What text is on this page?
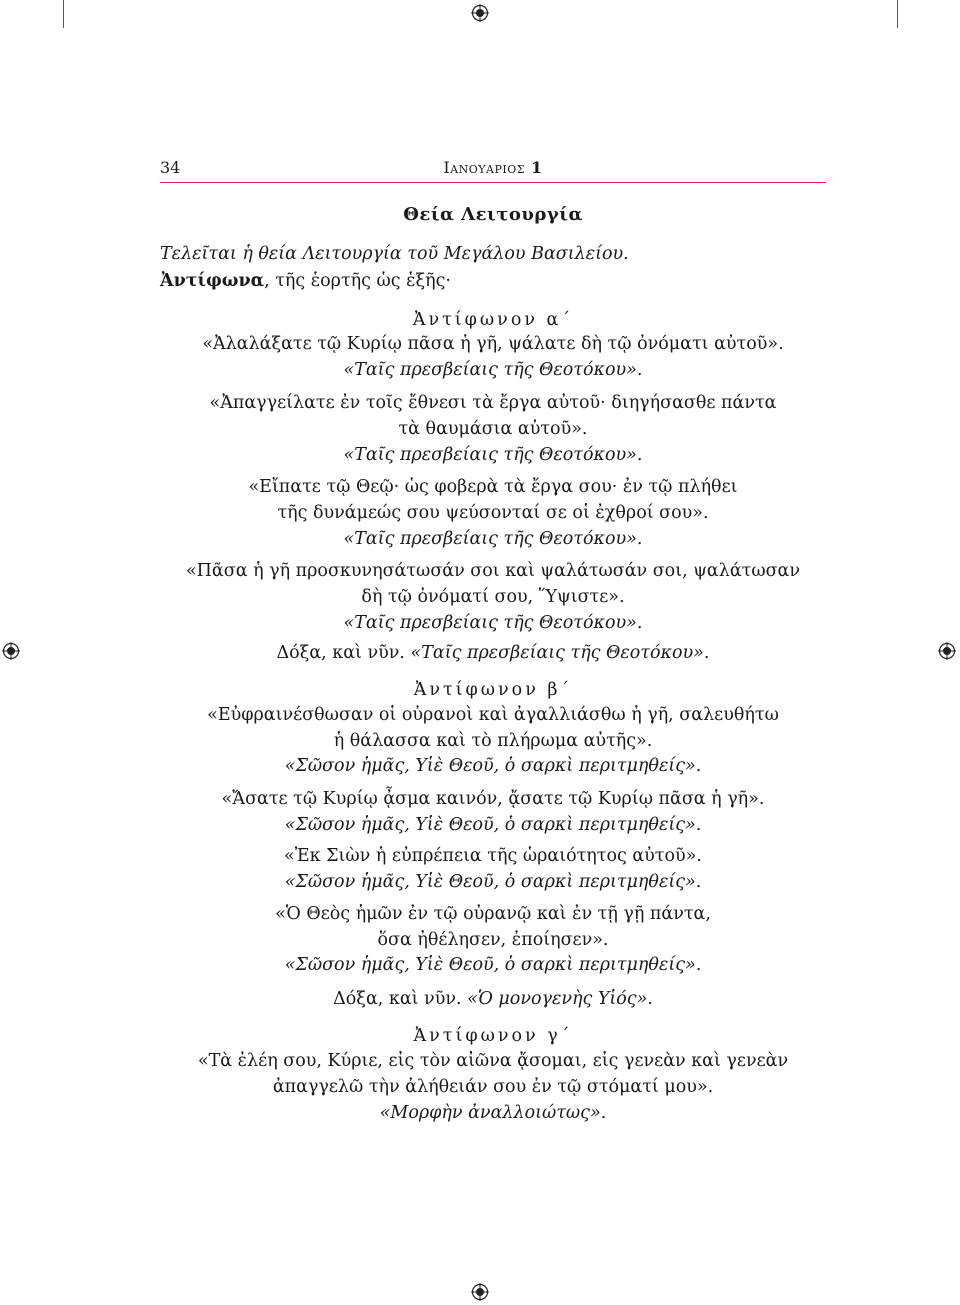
34	Ιανουαριος 1
Θεία Λειτουργία
Τελεῖται ἡ θεία Λειτουργία τοῦ Μεγάλου Βασιλείου.
Ἀντίφωνα, τῆς ἑορτῆς ὡς ἑξῆς·
Ἀντίφωνον α´
«Ἀλαλάξατε τῷ Κυρίῳ πᾶσα ἡ γῆ, ψάλατε δὴ τῷ ὀνόματι αὐτοῦ».
«Ταῖς πρεσβείαις τῆς Θεοτόκου».
«Ἀπαγγείλατε ἐν τοῖς ἔθνεσι τὰ ἔργα αὐτοῦ· διηγήσασθε πάντα
τὰ θαυμάσια αὐτοῦ».
«Ταῖς πρεσβείαις τῆς Θεοτόκου».
«Εἴπατε τῷ Θεῷ· ὡς φοβερὰ τὰ ἔργα σου· ἐν τῷ πλήθει
τῆς δυνάμεώς σου ψεύσονταί σε οἱ ἐχθροί σου».
«Ταῖς πρεσβείαις τῆς Θεοτόκου».
«Πᾶσα ἡ γῆ προσκυνησάτωσάν σοι καὶ ψαλάτωσάν σοι, ψαλάτωσαν
δὴ τῷ ὀνόματί σου, Ὕψιστε».
«Ταῖς πρεσβείαις τῆς Θεοτόκου».
Δόξα, καὶ νῦν. «Ταῖς πρεσβείαις τῆς Θεοτόκου».
Ἀντίφωνον β´
«Εὐφραινέσθωσαν οἱ οὐρανοὶ καὶ ἀγαλλιάσθω ἡ γῆ, σαλευθήτω
ἡ θάλασσα καὶ τὸ πλήρωμα αὐτῆς».
«Σῶσον ἡμᾶς, Υἱὲ Θεοῦ, ὁ σαρκὶ περιτμηθείς».
«Ἄσατε τῷ Κυρίῳ ᾆσμα καινόν, ᾄσατε τῷ Κυρίῳ πᾶσα ἡ γῆ».
«Σῶσον ἡμᾶς, Υἱὲ Θεοῦ, ὁ σαρκὶ περιτμηθείς».
«Ἐκ Σιὼν ἡ εὐπρέπεια τῆς ὡραιότητος αὐτοῦ».
«Σῶσον ἡμᾶς, Υἱὲ Θεοῦ, ὁ σαρκὶ περιτμηθείς».
«Ὁ Θεὸς ἡμῶν ἐν τῷ οὐρανῷ καὶ ἐν τῇ γῇ πάντα,
ὅσα ἠθέλησεν, ἐποίησεν».
«Σῶσον ἡμᾶς, Υἱὲ Θεοῦ, ὁ σαρκὶ περιτμηθείς».
Δόξα, καὶ νῦν. «Ὁ μονογενὴς Υἱός».
Ἀντίφωνον γ´
«Τὰ ἐλέη σου, Κύριε, εἰς τὸν αἰῶνα ᾄσομαι, εἰς γενεὰν καὶ γενεὰν
ἀπαγγελῶ τὴν ἀλήθειάν σου ἐν τῷ στόματί μου».
«Μορφὴν ἀναλλοιώτως».
